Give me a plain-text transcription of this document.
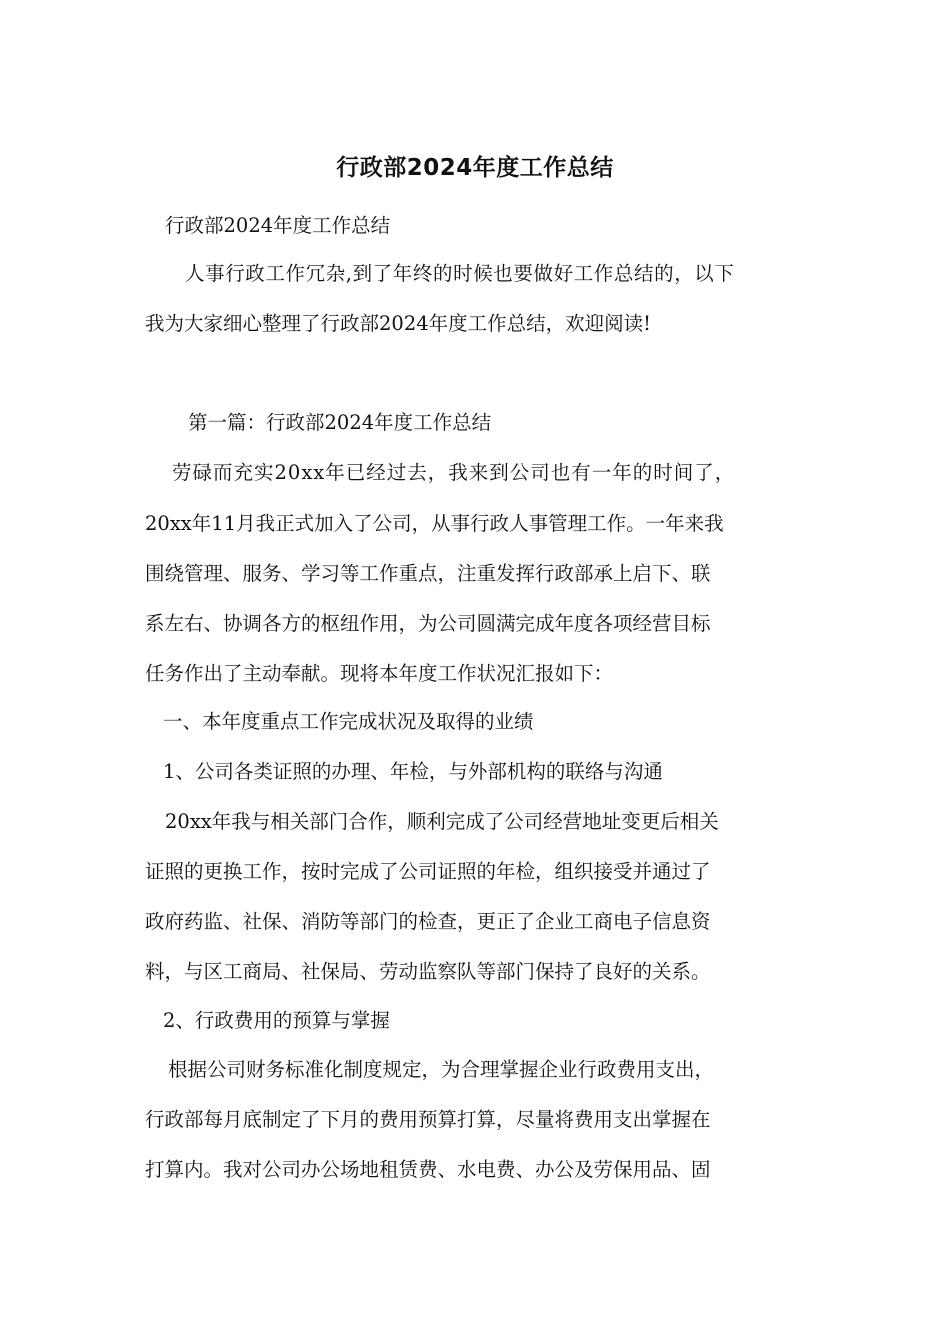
行政部2024年度工作总结
行政部2024年度工作总结
人事行政工作冗杂,到了年终的时候也要做好工作总结的，以下
我为大家细心整理了行政部2024年度工作总结，欢迎阅读!
第一篇：行政部2024年度工作总结
劳碌而充实20xx年已经过去，我来到公司也有一年的时间了，
20xx年11月我正式加入了公司，从事行政人事管理工作。一年来我
围绕管理、服务、学习等工作重点，注重发挥行政部承上启下、联
系左右、协调各方的枢纽作用，为公司圆满完成年度各项经营目标
任务作出了主动奉献。现将本年度工作状况汇报如下：
一、本年度重点工作完成状况及取得的业绩
1、公司各类证照的办理、年检，与外部机构的联络与沟通
20xx年我与相关部门合作，顺利完成了公司经营地址变更后相关
证照的更换工作，按时完成了公司证照的年检，组织接受并通过了
政府药监、社保、消防等部门的检查，更正了企业工商电子信息资
料，与区工商局、社保局、劳动监察队等部门保持了良好的关系。
2、行政费用的预算与掌握
根据公司财务标准化制度规定，为合理掌握企业行政费用支出，
行政部每月底制定了下月的费用预算打算，尽量将费用支出掌握在
打算内。我对公司办公场地租赁费、水电费、办公及劳保用品、固
